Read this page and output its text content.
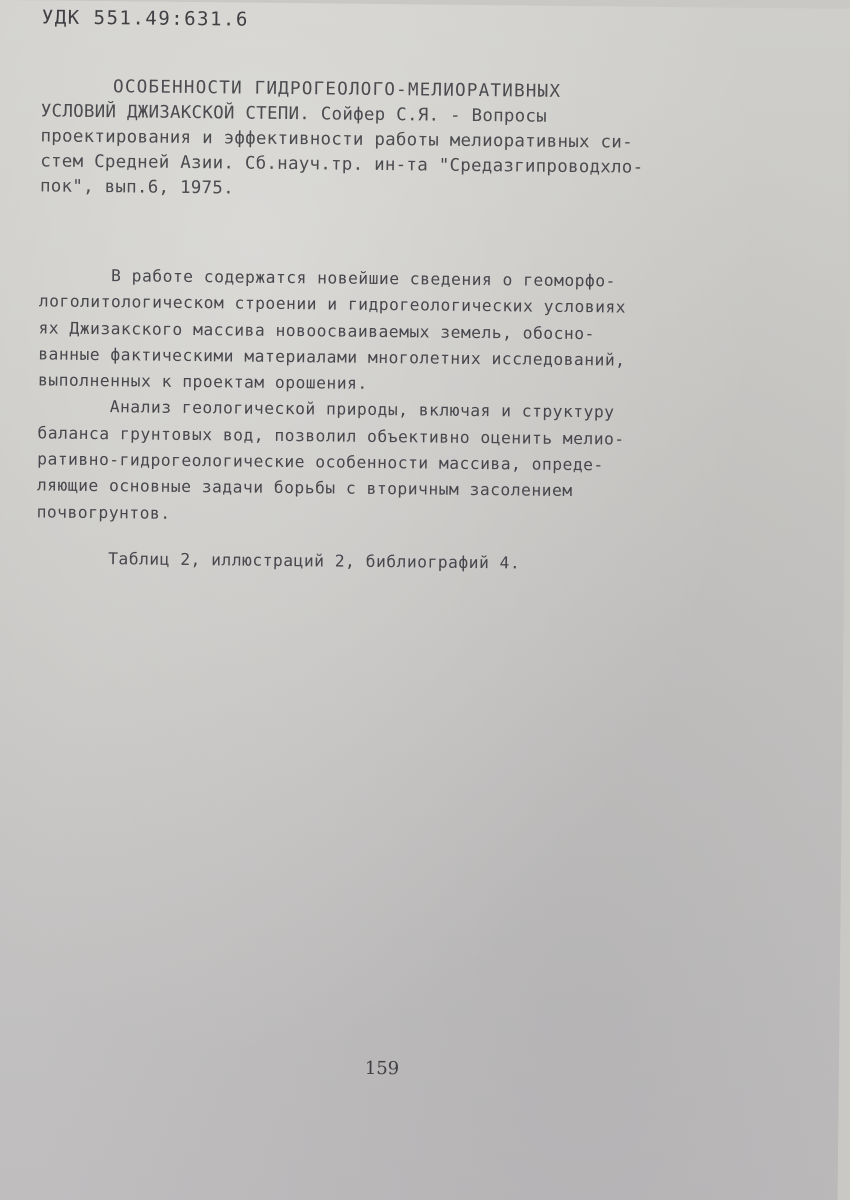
УДК 551.49:631.6
ОСОБЕННОСТИ ГИДРОГЕОЛОГО-МЕЛИОРАТИВНЫХ
УСЛОВИЙ ДЖИЗАКСКОЙ СТЕПИ. Сойфер С.Я. - Вопросы
проектирования и эффективности работы мелиоративных си-
стем Средней Азии. Сб.науч.тр. ин-та "Средазгипроводхло-
пок", вып.6, 1975.
В работе содержатся новейшие сведения о геоморфо-
логолитологическом строении и гидрогеологических условиях
ях Джизакского массива новоосваиваемых земель, обосно-
ванные фактическими материалами многолетних исследований,
выполненных к проектам орошения.
Анализ геологической природы, включая и структуру
баланса грунтовых вод, позволил объективно оценить мелио-
ративно-гидрогеологические особенности массива, опреде-
ляющие основные задачи борьбы с вторичным засолением
почвогрунтов.
Таблиц 2, иллюстраций 2, библиографий 4.
159
